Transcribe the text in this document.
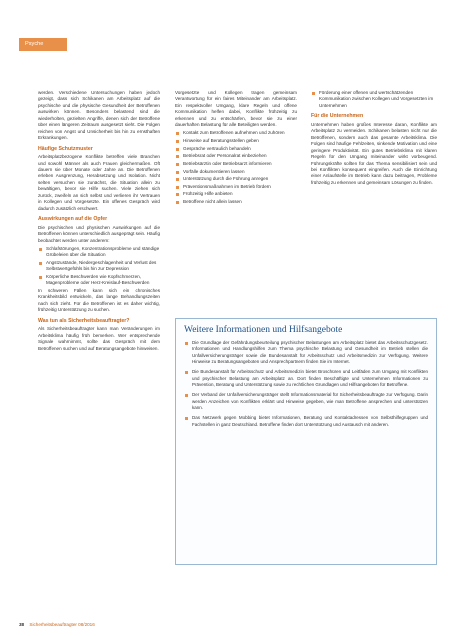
Psyche

werden. Verschiedene Untersuchungen haben jedoch gezeigt, dass sich Schikanen am Arbeitsplatz auf die psychische und die physische Gesundheit der Betroffenen auswirken können. Besonders belastend sind die wiederholten, gezielten Angriffe, denen sich der Betroffene über einen längeren Zeitraum ausgesetzt sieht. Die Folgen reichen von Angst und Unsicherheit bis hin zu ernsthaften Erkrankungen.

Häufige Schutzmuster

Arbeitsplatzbezogene Konflikte betreffen viele Branchen und sowohl Männer als auch Frauen gleichermaßen. Oft dauern sie über Monate oder Jahre an. Die Betroffenen erleben Ausgrenzung, Herabsetzung und Isolation. Nicht selten versuchen sie zunächst, die Situation allein zu bewältigen, bevor sie Hilfe suchen. Viele ziehen sich zurück, zweifeln an sich selbst und verlieren ihr Vertrauen in Kollegen und Vorgesetzte. Ein offenes Gespräch wird dadurch zusätzlich erschwert.

Auswirkungen auf die Opfer

Die psychischen und physischen Auswirkungen auf die Betroffenen können unterschiedlich ausgeprägt sein. Häufig beobachtet werden unter anderem:

Schlafstörungen, Konzentrationsprobleme und ständige Grübeleien über die Situation
Angstzustände, Niedergeschlagenheit und Verlust des Selbstwertgefühls bis hin zur Depression
Körperliche Beschwerden wie Kopfschmerzen, Magenprobleme oder Herz-Kreislauf-Beschwerden

In schweren Fällen kann sich ein chronisches Krankheitsbild entwickeln, das lange Behandlungszeiten nach sich zieht. Für die Betroffenen ist es daher wichtig, frühzeitig Unterstützung zu suchen.

Was tun als Sicherheitsbeauftragter?

Als Sicherheitsbeauftragter kann man Veränderungen im Arbeitsklima häufig früh bemerken. Wer entsprechende Signale wahrnimmt, sollte das Gespräch mit dem Betroffenen suchen und auf Beratungsangebote hinweisen.

Vorgesetzte und Kollegen tragen gemeinsam Verantwortung für ein faires Miteinander am Arbeitsplatz. Ein respektvoller Umgang, klare Regeln und offene Kommunikation helfen dabei, Konflikte frühzeitig zu erkennen und zu entschärfen, bevor sie zu einer dauerhaften Belastung für alle Beteiligten werden.

Kontakt zum Betroffenen aufnehmen und zuhören
Hinweise auf Beratungsstellen geben
Gespräche vertraulich behandeln
Betriebsrat oder Personalrat einbeziehen
Betriebsärztin oder Betriebsarzt informieren
Vorfälle dokumentieren lassen
Unterstützung durch die Führung anregen
Präventionsmaßnahmen im Betrieb fördern
Frühzeitig Hilfe anbieten
Betroffene nicht allein lassen
Förderung einer offenen und wertschätzenden Kommunikation zwischen Kollegen und Vorgesetzten im Unternehmen
Für die Unternehmen

Unternehmen haben großes Interesse daran, Konflikte am Arbeitsplatz zu vermeiden. Schikanen belasten nicht nur die Betroffenen, sondern auch das gesamte Arbeitsklima. Die Folgen sind häufige Fehlzeiten, sinkende Motivation und eine geringere Produktivität. Ein gutes Betriebsklima mit klaren Regeln für den Umgang miteinander wirkt vorbeugend. Führungskräfte sollten für das Thema sensibilisiert sein und bei Konflikten konsequent eingreifen. Auch die Einrichtung einer Anlaufstelle im Betrieb kann dazu beitragen, Probleme frühzeitig zu erkennen und gemeinsam Lösungen zu finden.

Weitere Informationen und Hilfsangebote
Die Grundlage der Gefährdungsbeurteilung psychischer Belastungen am Arbeitsplatz bietet das Arbeitsschutzgesetz. Informationen und Handlungshilfen zum Thema psychische Belastung und Gesundheit im Betrieb stellen die Unfallversicherungsträger sowie die Bundesanstalt für Arbeitsschutz und Arbeitsmedizin zur Verfügung. Weitere Hinweise zu Beratungsangeboten und Ansprechpartnern finden Sie im Internet.
Die Bundesanstalt für Arbeitsschutz und Arbeitsmedizin bietet Broschüren und Leitfäden zum Umgang mit Konflikten und psychischer Belastung am Arbeitsplatz an. Dort finden Beschäftigte und Unternehmen Informationen zu Prävention, Beratung und Unterstützung sowie zu rechtlichen Grundlagen und Hilfsangeboten für Betroffene.
Der Verband der Unfallversicherungsträger stellt Informationsmaterial für Sicherheitsbeauftragte zur Verfügung. Darin werden Anzeichen von Konflikten erklärt und Hinweise gegeben, wie man Betroffene ansprechen und unterstützen kann.
Das Netzwerk gegen Mobbing bietet Informationen, Beratung und Kontaktadressen von Selbsthilfegruppen und Fachstellen in ganz Deutschland. Betroffene finden dort Unterstützung und Austausch mit anderen.
38 Sicherheitsbeauftragter 08/2016
